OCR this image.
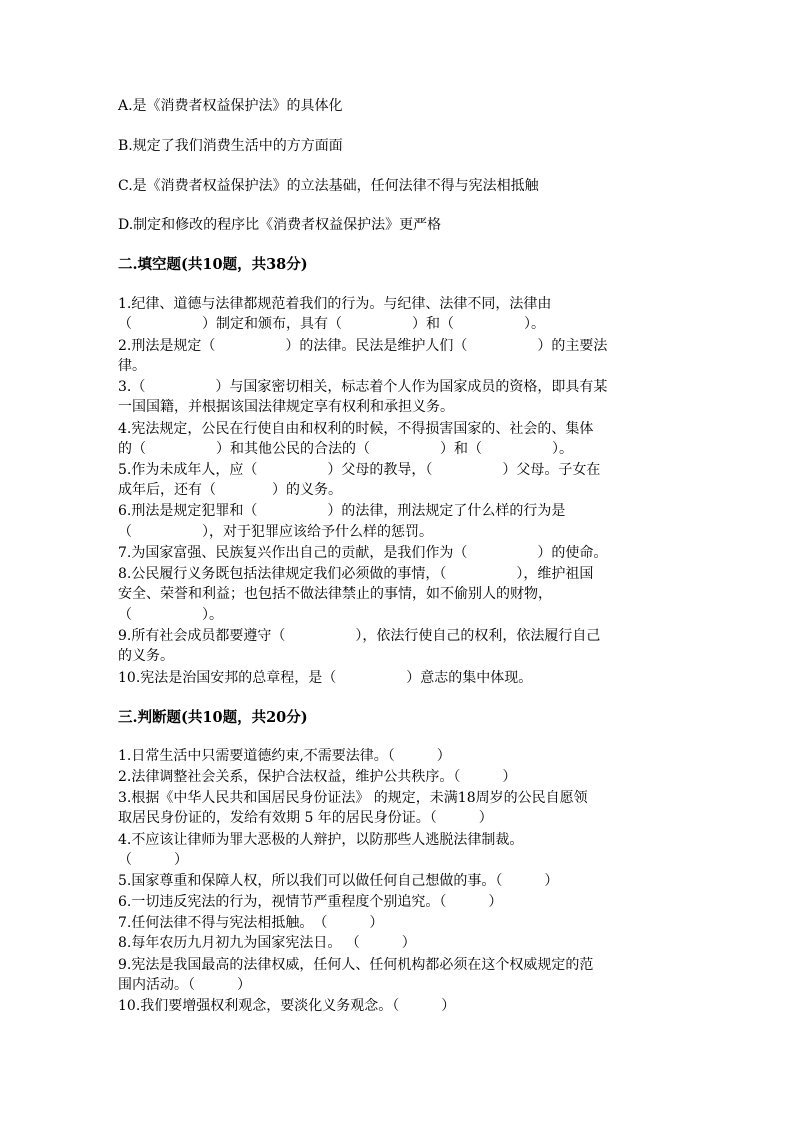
A.是《消费者权益保护法》的具体化
B.规定了我们消费生活中的方方面面
C.是《消费者权益保护法》的立法基础，任何法律不得与宪法相抵触
D.制定和修改的程序比《消费者权益保护法》更严格
二.填空题(共10题，共38分)
1.纪律、道德与法律都规范着我们的行为。与纪律、法律不同，法律由
（　　　　　）制定和颁布，具有（　　　　　）和（　　　　　）。
2.刑法是规定（　　　　　）的法律。民法是维护人们（　　　　　）的主要法
律。
3.（　　　　　）与国家密切相关，标志着个人作为国家成员的资格，即具有某
一国国籍，并根据该国法律规定享有权利和承担义务。
4.宪法规定，公民在行使自由和权利的时候，不得损害国家的、社会的、集体
的（　　　　　）和其他公民的合法的（　　　　　）和（　　　　　）。
5.作为未成年人，应（　　　　　）父母的教导，（　　　　　）父母。子女在
成年后，还有（　　　　）的义务。
6.刑法是规定犯罪和（　　　　　）的法律，刑法规定了什么样的行为是
（　　　　　），对于犯罪应该给予什么样的惩罚。
7.为国家富强、民族复兴作出自己的贡献，是我们作为（　　　　　）的使命。
8.公民履行义务既包括法律规定我们必须做的事情，（　　　　　），维护祖国
安全、荣誉和利益；也包括不做法律禁止的事情，如不偷别人的财物，
（　　　　　）。
9.所有社会成员都要遵守（　　　　　），依法行使自己的权利，依法履行自己
的义务。
10.宪法是治国安邦的总章程，是（　　　　　）意志的集中体现。
三.判断题(共10题，共20分)
1.日常生活中只需要道德约束,不需要法律。（　　　）
2.法律调整社会关系，保护合法权益，维护公共秩序。（　　　）
3.根据《中华人民共和国居民身份证法》 的规定，未满18周岁的公民自愿领
取居民身份证的，发给有效期 5 年的居民身份证。（　　　）
4.不应该让律师为罪大恶极的人辩护，以防那些人逃脱法律制裁。
（　　　）
5.国家尊重和保障人权，所以我们可以做任何自己想做的事。（　　　）
6.一切违反宪法的行为，视情节严重程度个别追究。（　　　）
7.任何法律不得与宪法相抵触。　（　　　）
8.每年农历九月初九为国家宪法日。 （　　　）
9.宪法是我国最高的法律权威，任何人、任何机构都必须在这个权威规定的范
围内活动。（　　　）
10.我们要增强权利观念，要淡化义务观念。（　　　）
